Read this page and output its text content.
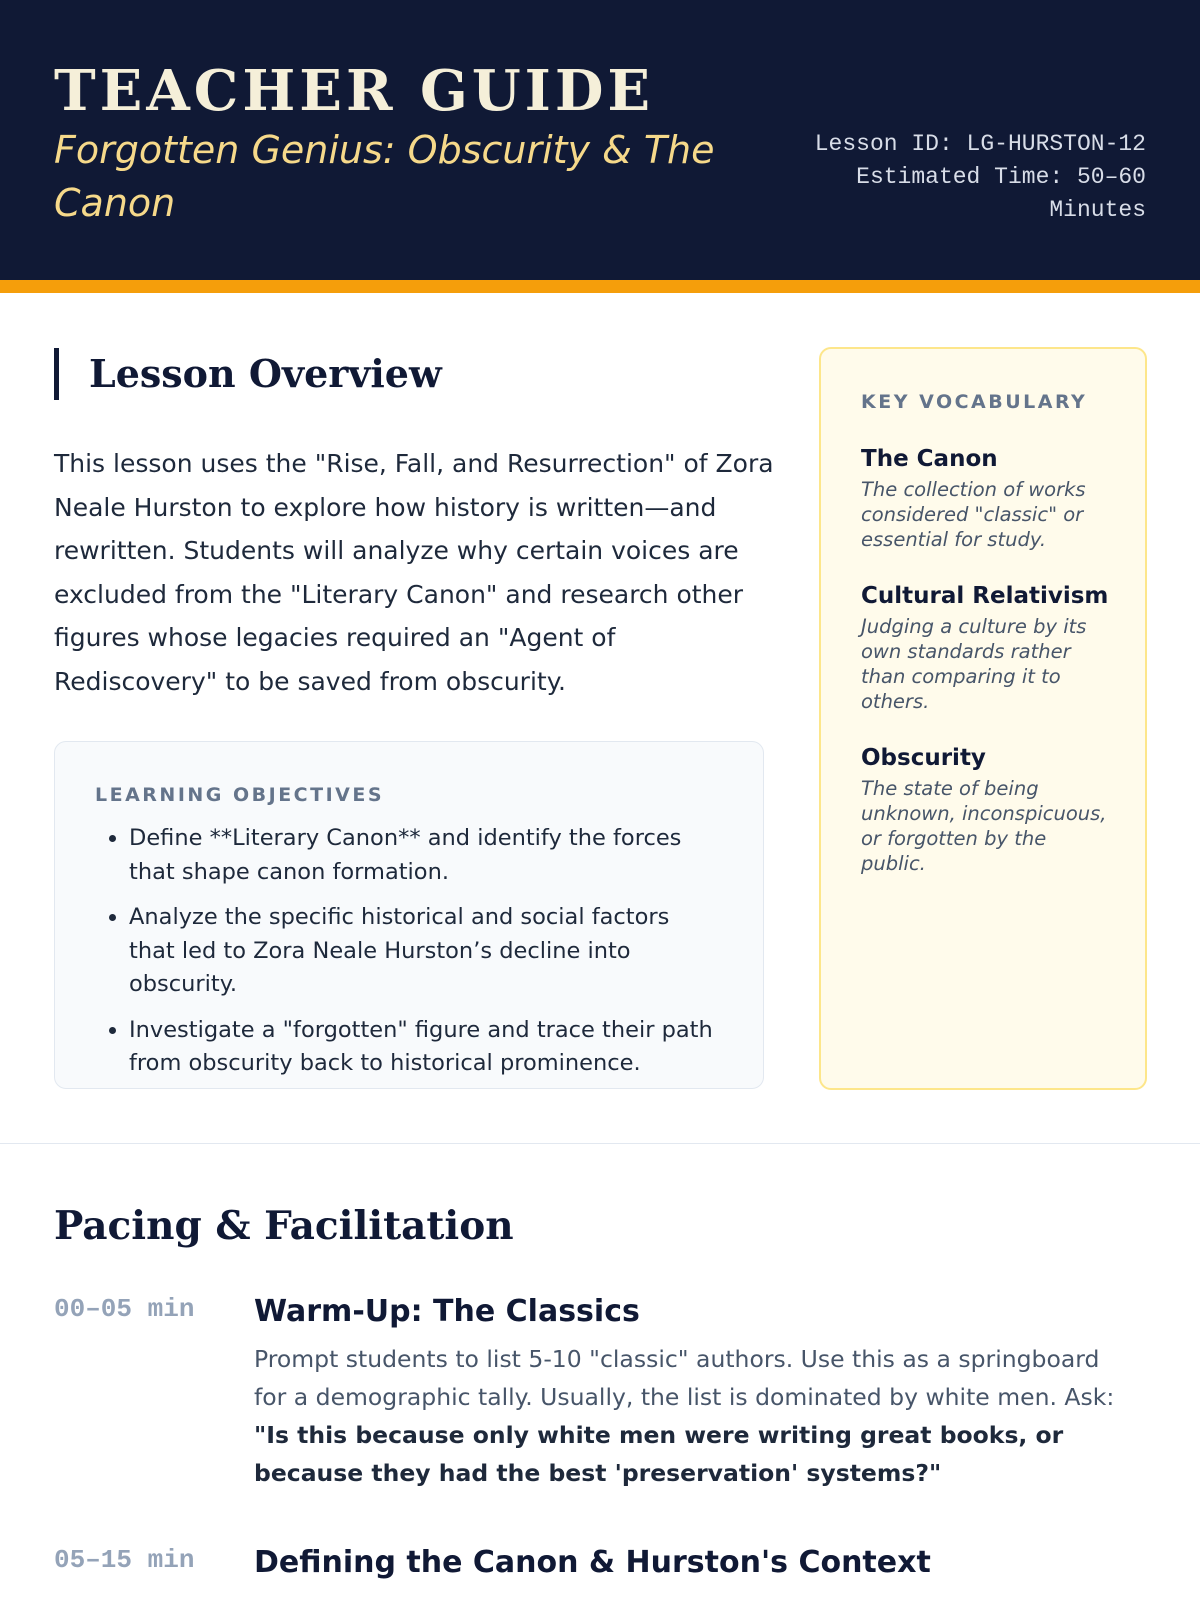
TEACHER GUIDE

Forgotten Genius: Obscurity & The Canon

Lesson ID: LG-HURSTON-12
Estimated Time: 50–60
Minutes
Lesson Overview

This lesson uses the "Rise, Fall, and Resurrection" of Zora Neale Hurston to explore how history is written—and rewritten. Students will analyze why certain voices are excluded from the "Literary Canon" and research other figures whose legacies required an "Agent of Rediscovery" to be saved from obscurity.

LEARNING OBJECTIVES
• Define **Literary Canon** and identify the forces that shape canon formation.
• Analyze the specific historical and social factors that led to Zora Neale Hurston’s decline into obscurity.
• Investigate a "forgotten" figure and trace their path from obscurity back to historical prominence.
KEY VOCABULARY
The Canon
The collection of works considered "classic" or essential for study.
Cultural Relativism
Judging a culture by its own standards rather than comparing it to others.
Obscurity
The state of being unknown, inconspicuous, or forgotten by the public.
Pacing & Facilitation
00–05 min Warm-Up: The Classics

Prompt students to list 5-10 "classic" authors. Use this as a springboard for a demographic tally. Usually, the list is dominated by white men. Ask: "Is this because only white men were writing great books, or because they had the best 'preservation' systems?"

05–15 min Defining the Canon & Hurston's Context
